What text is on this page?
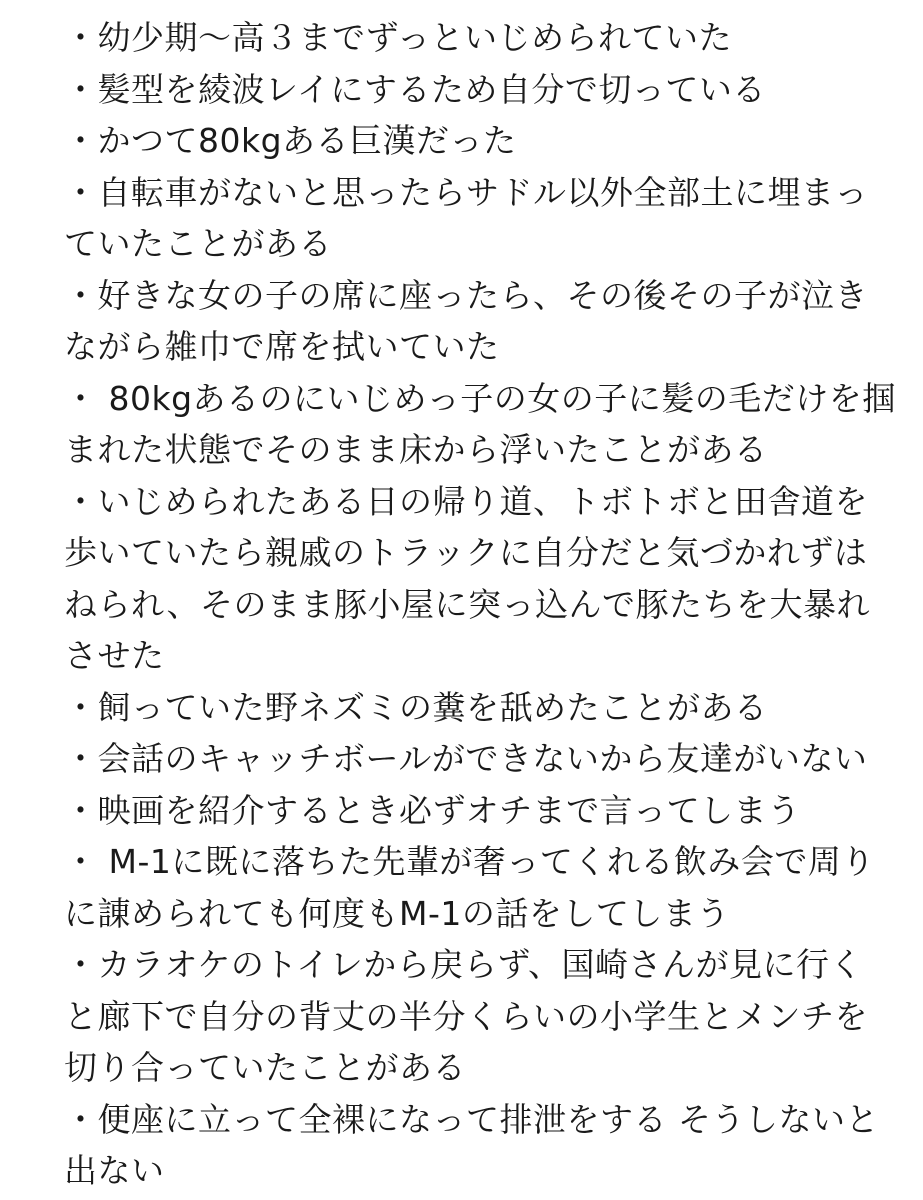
・幼少期〜高３までずっといじめられていた
・髪型を綾波レイにするため自分で切っている
・かつて80kgある巨漢だった
・自転車がないと思ったらサドル以外全部土に埋まっ
ていたことがある
・好きな女の子の席に座ったら、その後その子が泣き
ながら雑巾で席を拭いていた
・ 80kgあるのにいじめっ子の女の子に髪の毛だけを掴
まれた状態でそのまま床から浮いたことがある
・いじめられたある日の帰り道、トボトボと田舎道を
歩いていたら親戚のトラックに自分だと気づかれずは
ねられ、そのまま豚小屋に突っ込んで豚たちを大暴れ
させた
・飼っていた野ネズミの糞を舐めたことがある
・会話のキャッチボールができないから友達がいない
・映画を紹介するとき必ずオチまで言ってしまう
・ M-1に既に落ちた先輩が奢ってくれる飲み会で周り
に諌められても何度もM-1の話をしてしまう
・カラオケのトイレから戻らず、国崎さんが見に行く
と廊下で自分の背丈の半分くらいの小学生とメンチを
切り合っていたことがある
・便座に立って全裸になって排泄をする そうしないと
出ない
